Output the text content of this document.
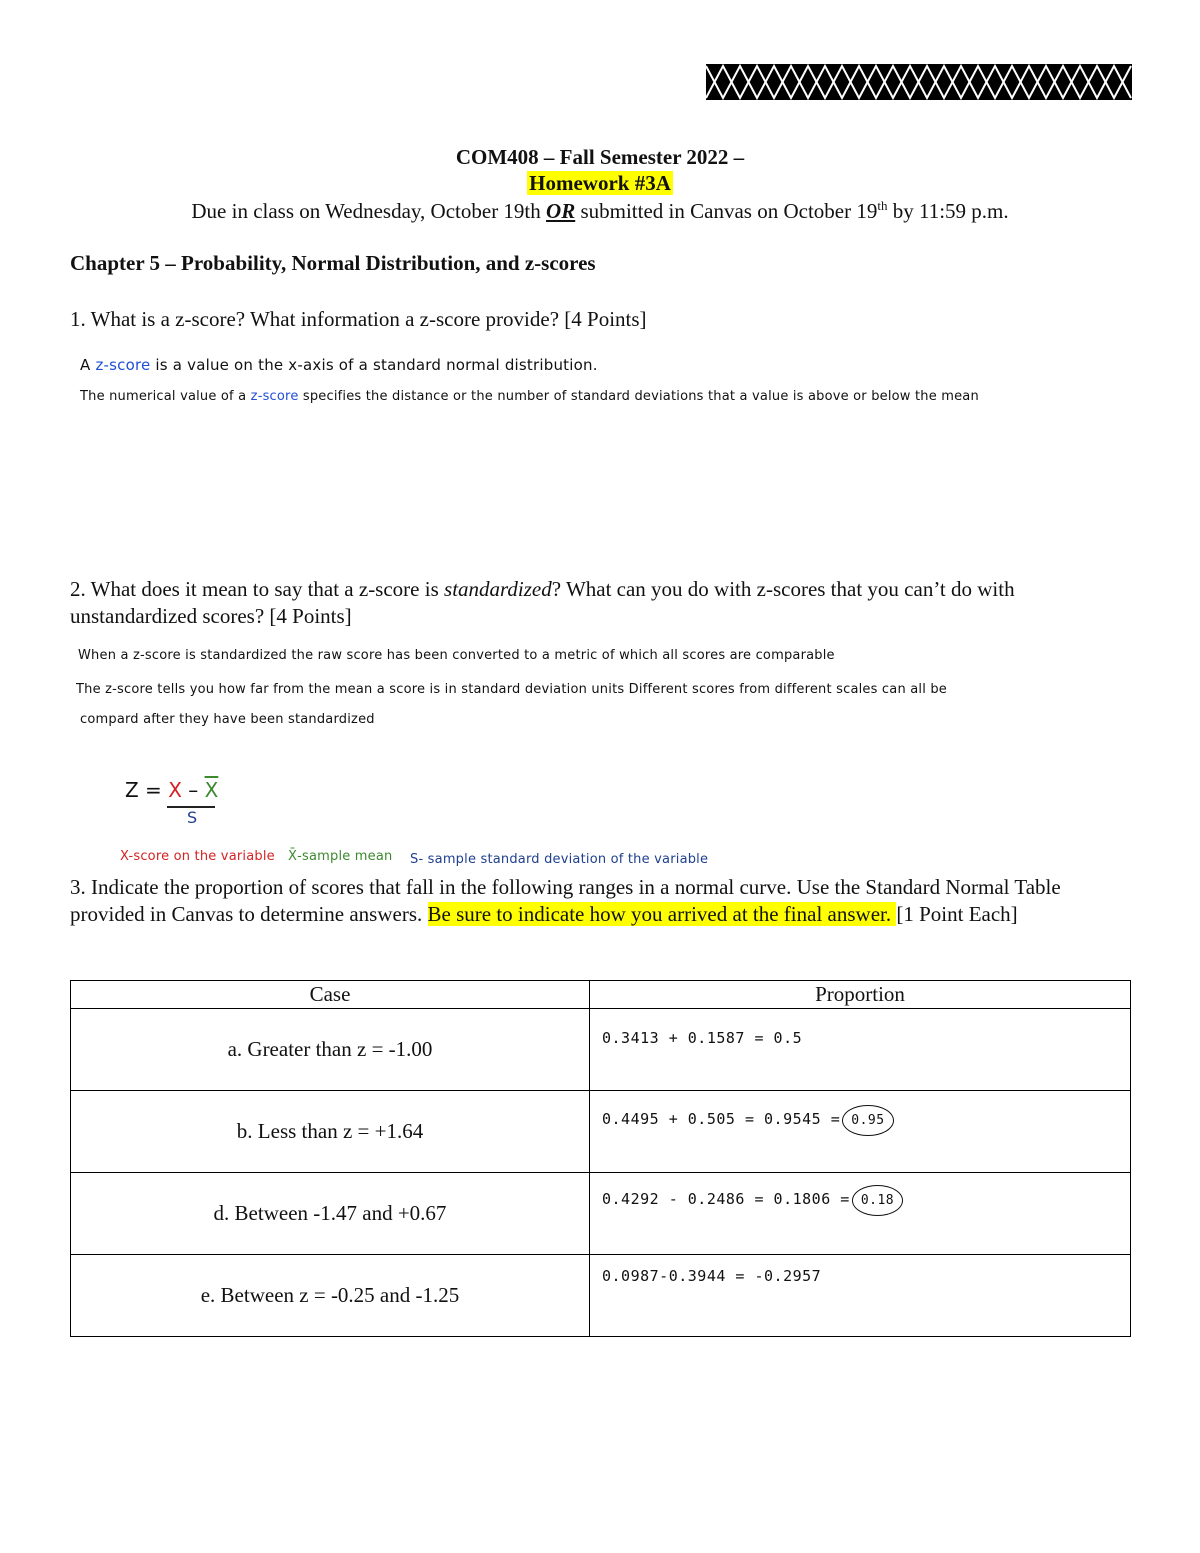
COM408 – Fall Semester 2022 –
Homework #3A
Due in class on Wednesday, October 19th OR submitted in Canvas on October 19th by 11:59 p.m.
Chapter 5 – Probability, Normal Distribution, and z-scores
1. What is a z-score? What information a z-score provide? [4 Points]
A z-score is a value on the x-axis of a standard normal distribution.
The numerical value of a z-score specifies the distance or the number of standard deviations that a value is above or below the mean
2. What does it mean to say that a z-score is standardized? What can you do with z-scores that you can’t do with unstandardized scores? [4 Points]
When a z-score is standardized the raw score has been converted to a metric of which all scores are comparable
The z-score tells you how far from the mean a score is in standard deviation units Different scores from different scales can all be
compard after they have been standardized
$Z = X - \overline{X}$
S
X-score on the variable X̄-sample mean S- sample standard deviation of the variable
3. Indicate the proportion of scores that fall in the following ranges in a normal curve. Use the Standard Normal Table provided in Canvas to determine answers. Be sure to indicate how you arrived at the final answer. [1 Point Each]
Case	Proportion
a. Greater than z = -1.00	0.3413 + 0.1587 = 0.5

b. Less than z = +1.64	0.4495 + 0.505 = 0.9545 = 0.95

d. Between -1.47 and +0.67	0.4292 - 0.2486 = 0.1806 = 0.18

e. Between z = -0.25 and -1.25	0.0987-0.3944 = -0.2957
